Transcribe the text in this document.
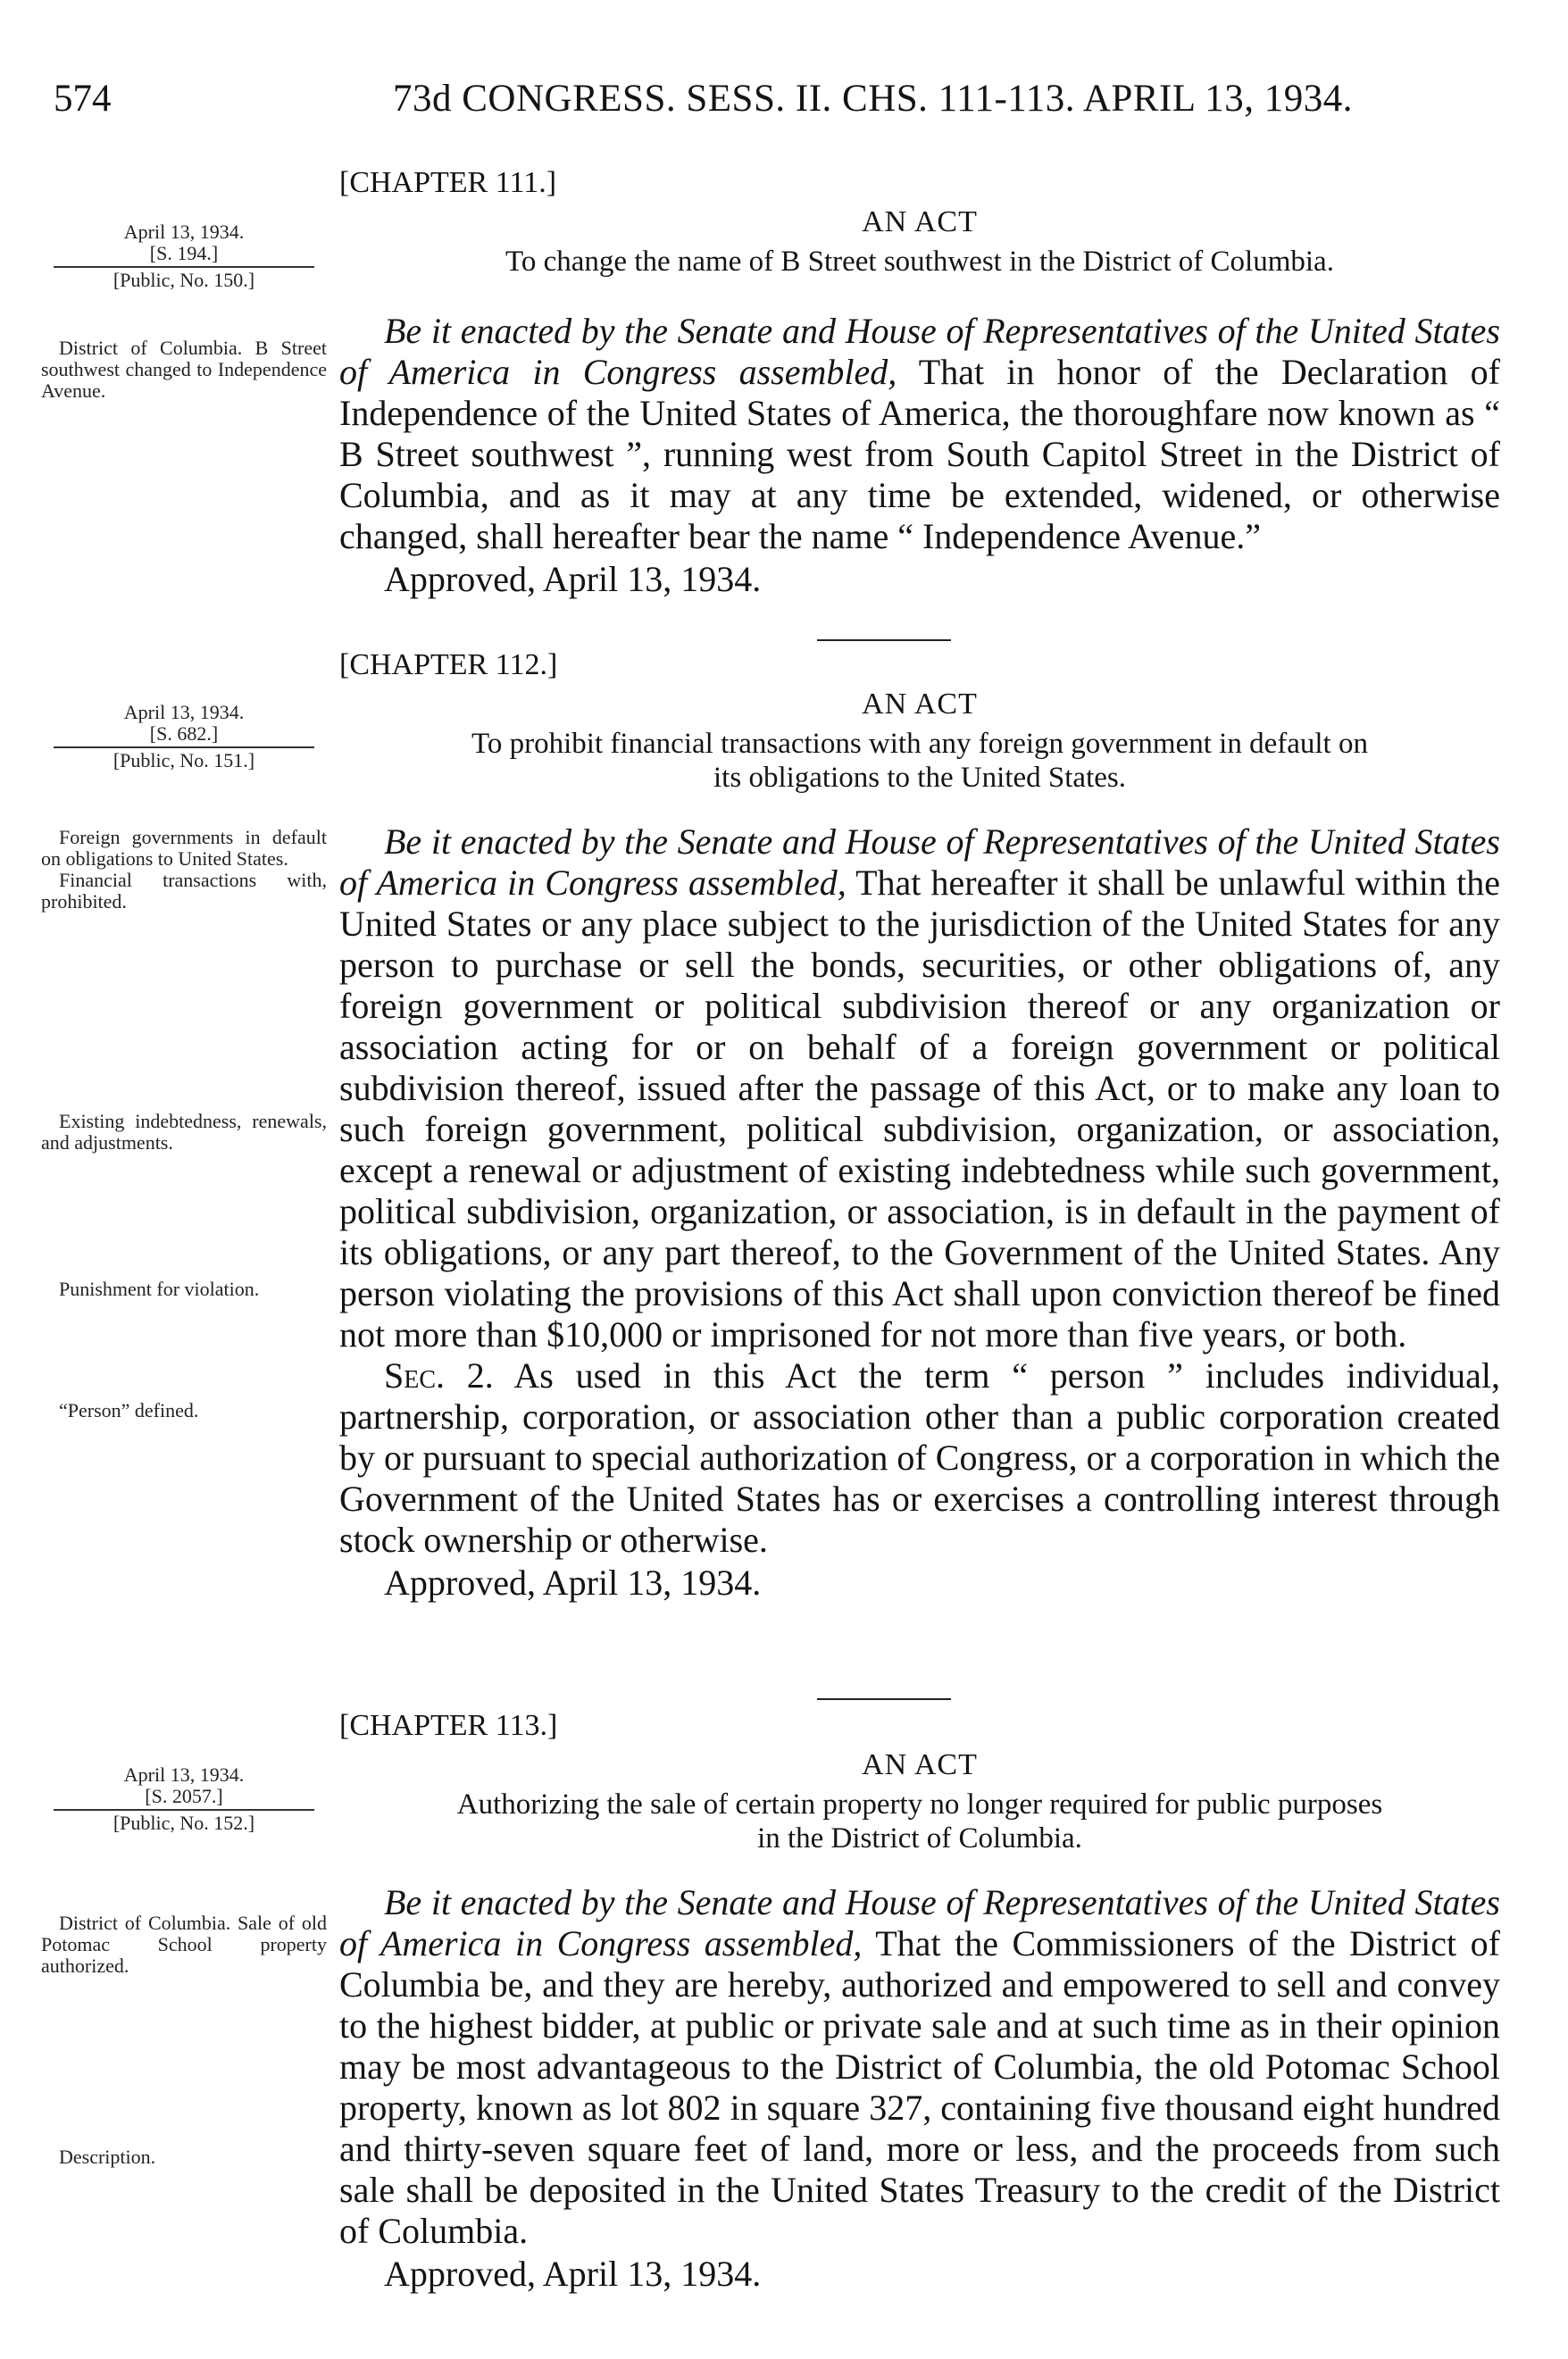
574	73d CONGRESS. SESS. II. CHS. 111-113. APRIL 13, 1934.
April 13, 1934.
[S. 194.]
[Public, No. 150.]

District of Columbia. B Street southwest changed to Independence Avenue.

[CHAPTER 111.]
AN ACT
To change the name of B Street southwest in the District of Columbia.

Be it enacted by the Senate and House of Representatives of the United States of America in Congress assembled, That in honor of the Declaration of Independence of the United States of America, the thoroughfare now known as “ B Street southwest ”, running west from South Capitol Street in the District of Columbia, and as it may at any time be extended, widened, or otherwise changed, shall hereafter bear the name “ Independence Avenue.”

Approved, April 13, 1934.
April 13, 1934.
[S. 682.]
[Public, No. 151.]

Foreign governments in default on obligations to United States.

Financial transactions with, prohibited.

Existing indebtedness, renewals, and adjustments.

Punishment for violation.

“Person” defined.

[CHAPTER 112.]
AN ACT
To prohibit financial transactions with any foreign government in default on
its obligations to the United States.

Be it enacted by the Senate and House of Representatives of the United States of America in Congress assembled, That hereafter it shall be unlawful within the United States or any place subject to the jurisdiction of the United States for any person to purchase or sell the bonds, securities, or other obligations of, any foreign government or political subdivision thereof or any organization or association acting for or on behalf of a foreign government or political subdivision thereof, issued after the passage of this Act, or to make any loan to such foreign government, political subdivision, organization, or association, except a renewal or adjustment of existing indebtedness while such government, political subdivision, organization, or association, is in default in the payment of its obligations, or any part thereof, to the Government of the United States. Any person violating the provisions of this Act shall upon conviction thereof be fined not more than $10,000 or imprisoned for not more than five years, or both.

Sec. 2. As used in this Act the term “ person ” includes individual, partnership, corporation, or association other than a public corporation created by or pursuant to special authorization of Congress, or a corporation in which the Government of the United States has or exercises a controlling interest through stock ownership or otherwise.

Approved, April 13, 1934.
April 13, 1934.
[S. 2057.]
[Public, No. 152.]

District of Columbia. Sale of old Potomac School property authorized.

Description.

[CHAPTER 113.]
AN ACT
Authorizing the sale of certain property no longer required for public purposes
in the District of Columbia.

Be it enacted by the Senate and House of Representatives of the United States of America in Congress assembled, That the Commissioners of the District of Columbia be, and they are hereby, authorized and empowered to sell and convey to the highest bidder, at public or private sale and at such time as in their opinion may be most advantageous to the District of Columbia, the old Potomac School property, known as lot 802 in square 327, containing five thousand eight hundred and thirty-seven square feet of land, more or less, and the proceeds from such sale shall be deposited in the United States Treasury to the credit of the District of Columbia.

Approved, April 13, 1934.
